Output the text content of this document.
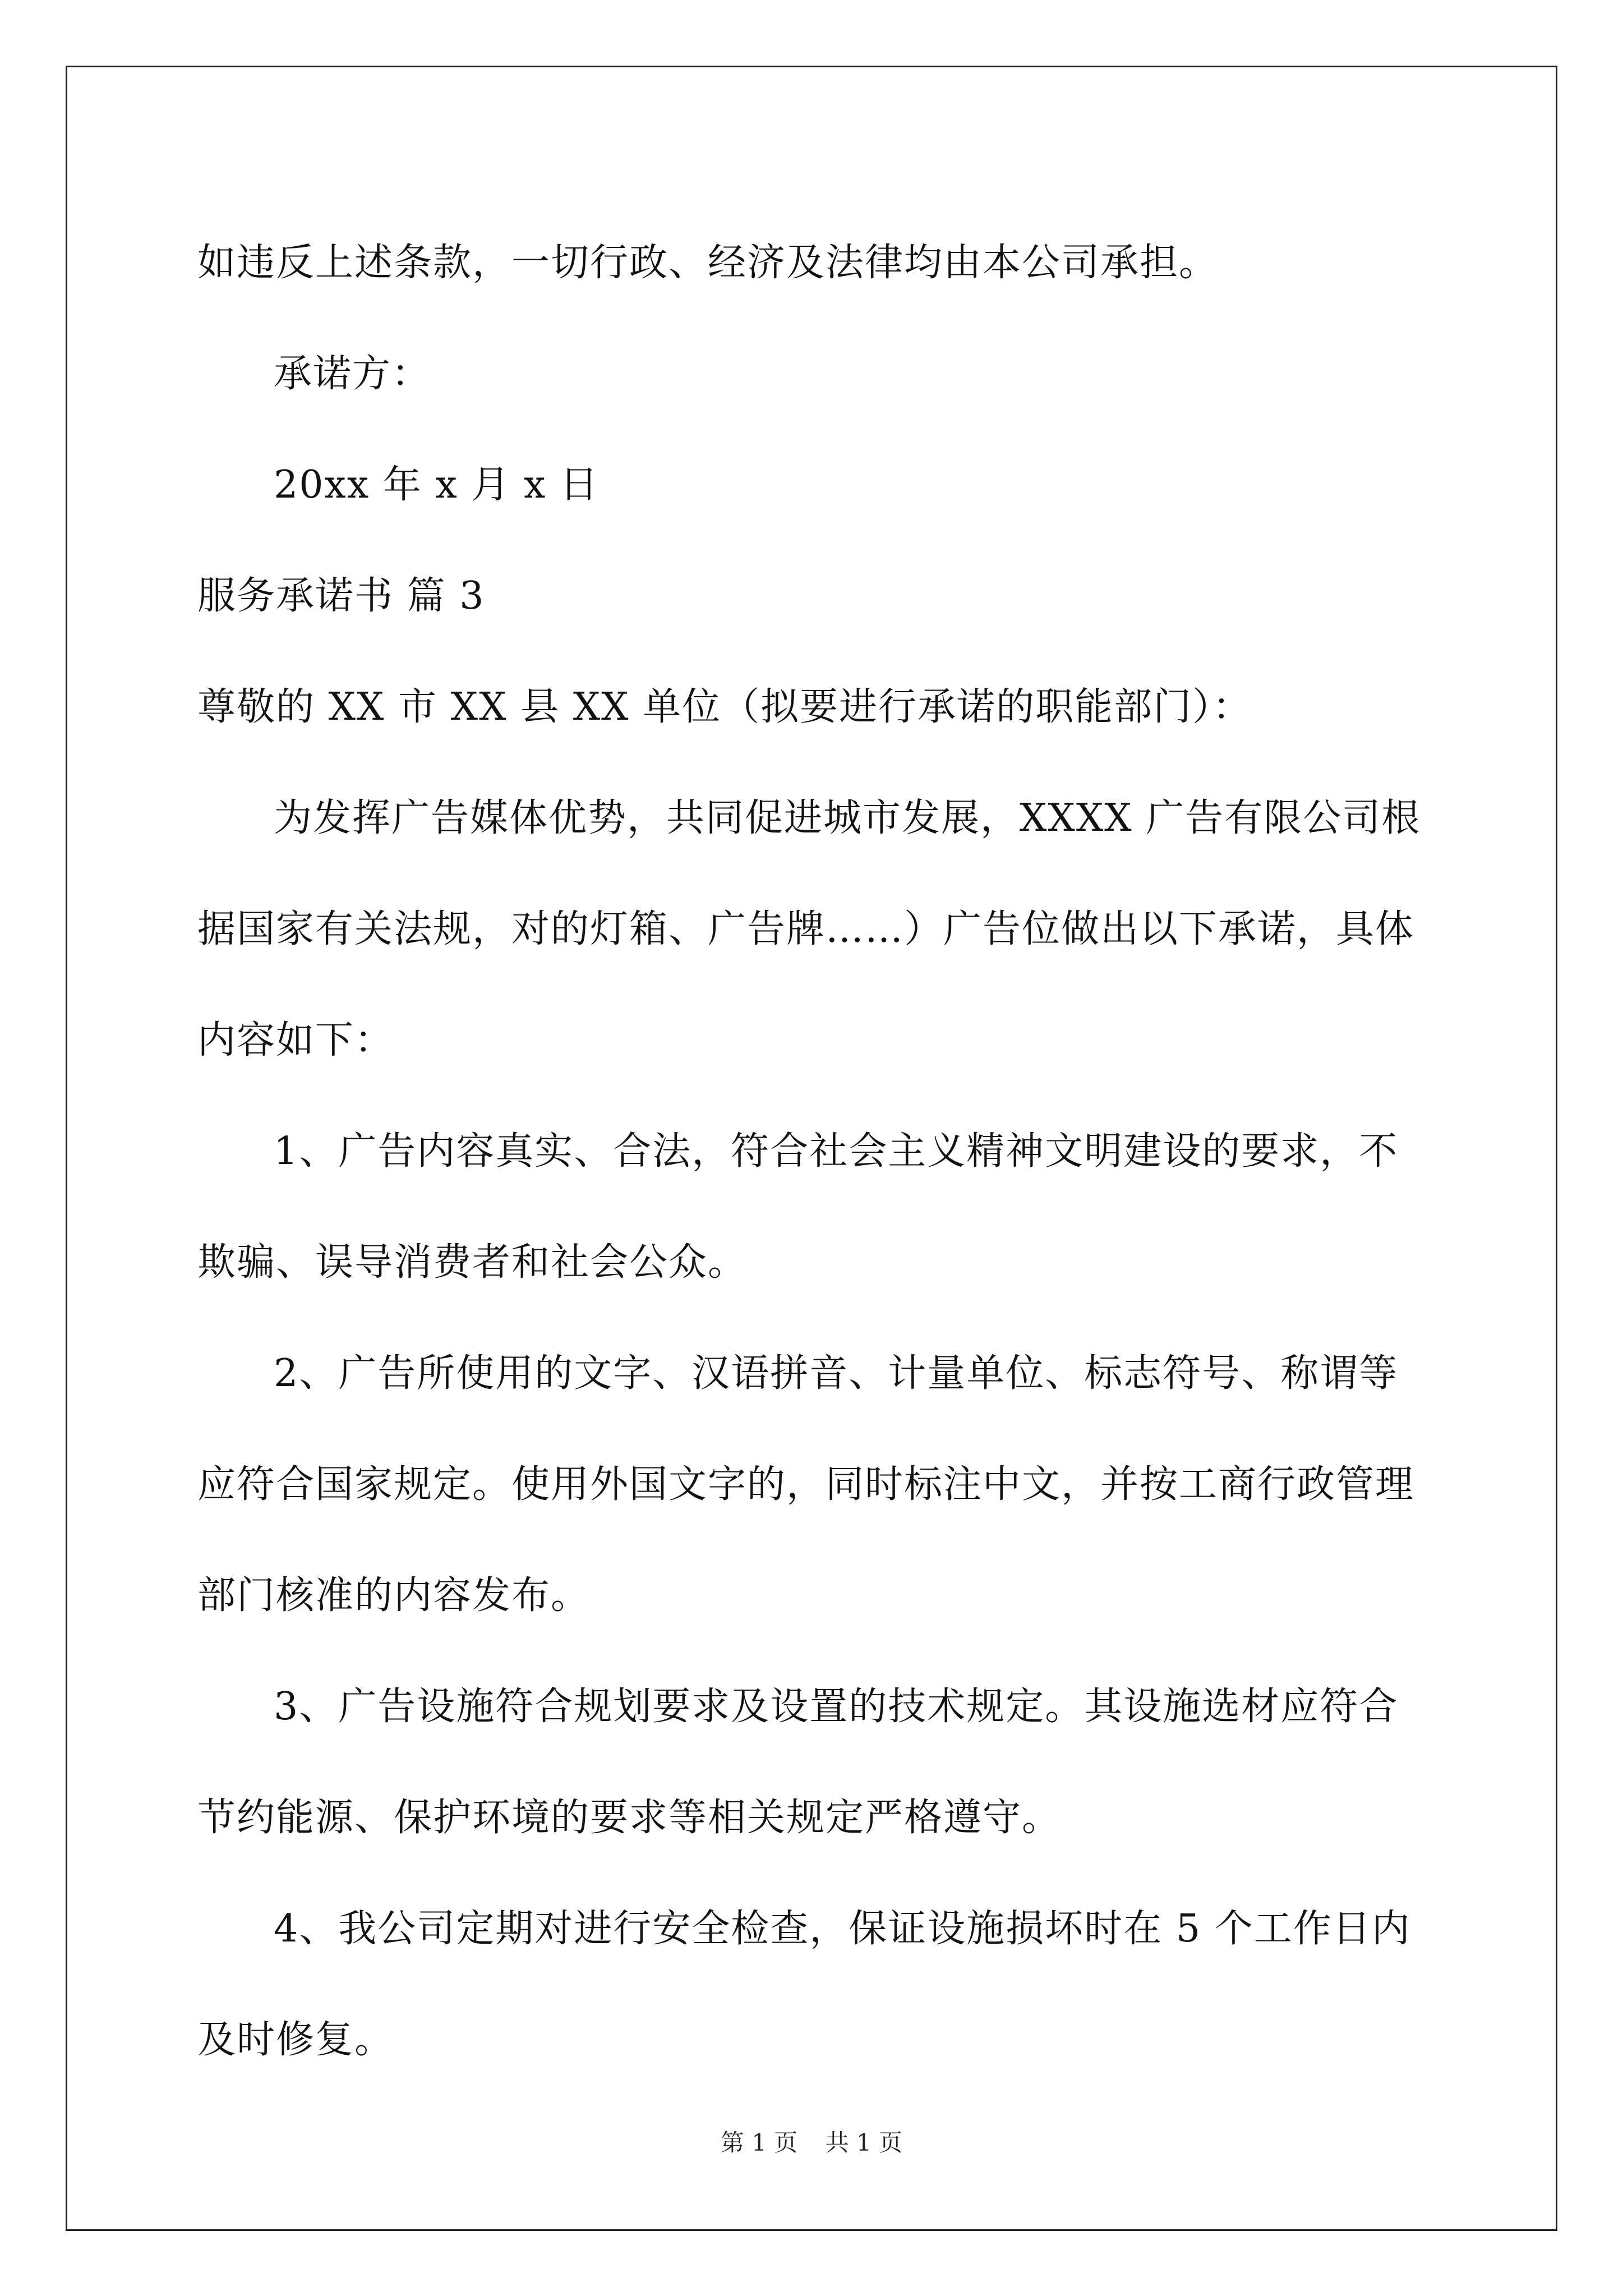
如违反上述条款，一切行政、经济及法律均由本公司承担。

承诺方：

20xx 年 x 月 x 日

服务承诺书 篇 3

尊敬的 XX 市 XX 县 XX 单位（拟要进行承诺的职能部门）：

为发挥广告媒体优势，共同促进城市发展，XXXX 广告有限公司根据国家有关法规，对的灯箱、广告牌……）广告位做出以下承诺，具体内容如下：

1、广告内容真实、合法，符合社会主义精神文明建设的要求，不欺骗、误导消费者和社会公众。

2、广告所使用的文字、汉语拼音、计量单位、标志符号、称谓等应符合国家规定。使用外国文字的，同时标注中文，并按工商行政管理部门核准的内容发布。

3、广告设施符合规划要求及设置的技术规定。其设施选材应符合节约能源、保护环境的要求等相关规定严格遵守。

4、我公司定期对进行安全检查，保证设施损坏时在 5 个工作日内及时修复。

第 1 页 共 1 页
